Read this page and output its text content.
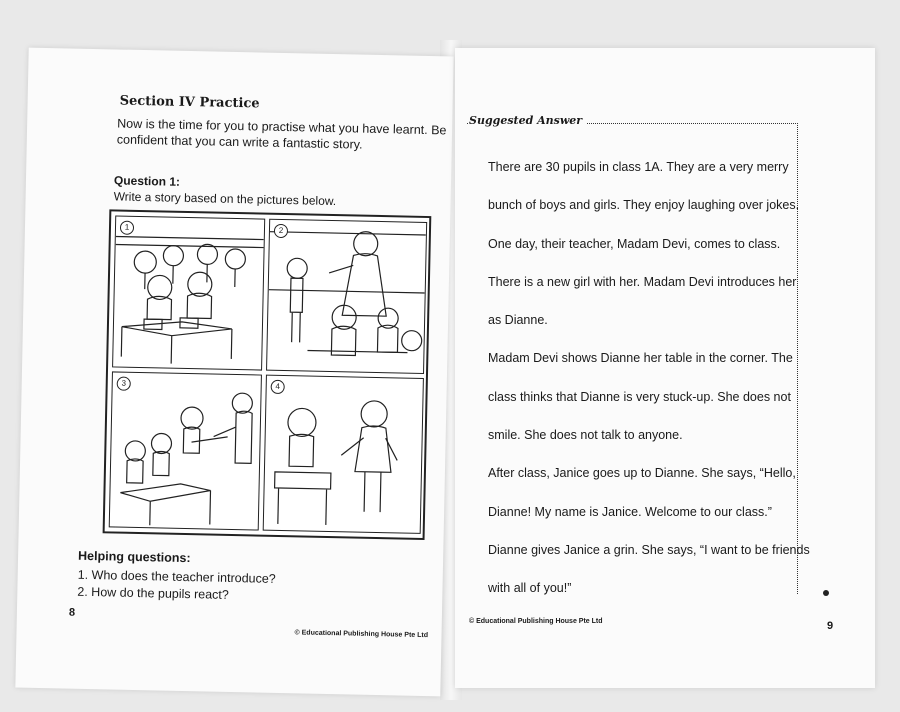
Section IV Practice
Now is the time for you to practise what you have learnt. Be confident that you can write a fantastic story.
Question 1:
Write a story based on the pictures below.
1	2
3	4
Helping questions:
1. Who does the teacher introduce?
2. How do the pupils react?
8
© Educational Publishing House Pte Ltd
Suggested Answer
There are 30 pupils in class 1A. They are a very merry bunch of boys and girls. They enjoy laughing over jokes.
One day, their teacher, Madam Devi, comes to class. There is a new girl with her. Madam Devi introduces her as Dianne.
Madam Devi shows Dianne her table in the corner. The class thinks that Dianne is very stuck-up. She does not smile. She does not talk to anyone.
After class, Janice goes up to Dianne. She says, “Hello, Dianne! My name is Janice. Welcome to our class.” Dianne gives Janice a grin. She says, “I want to be friends with all of you!”
© Educational Publishing House Pte Ltd	9
